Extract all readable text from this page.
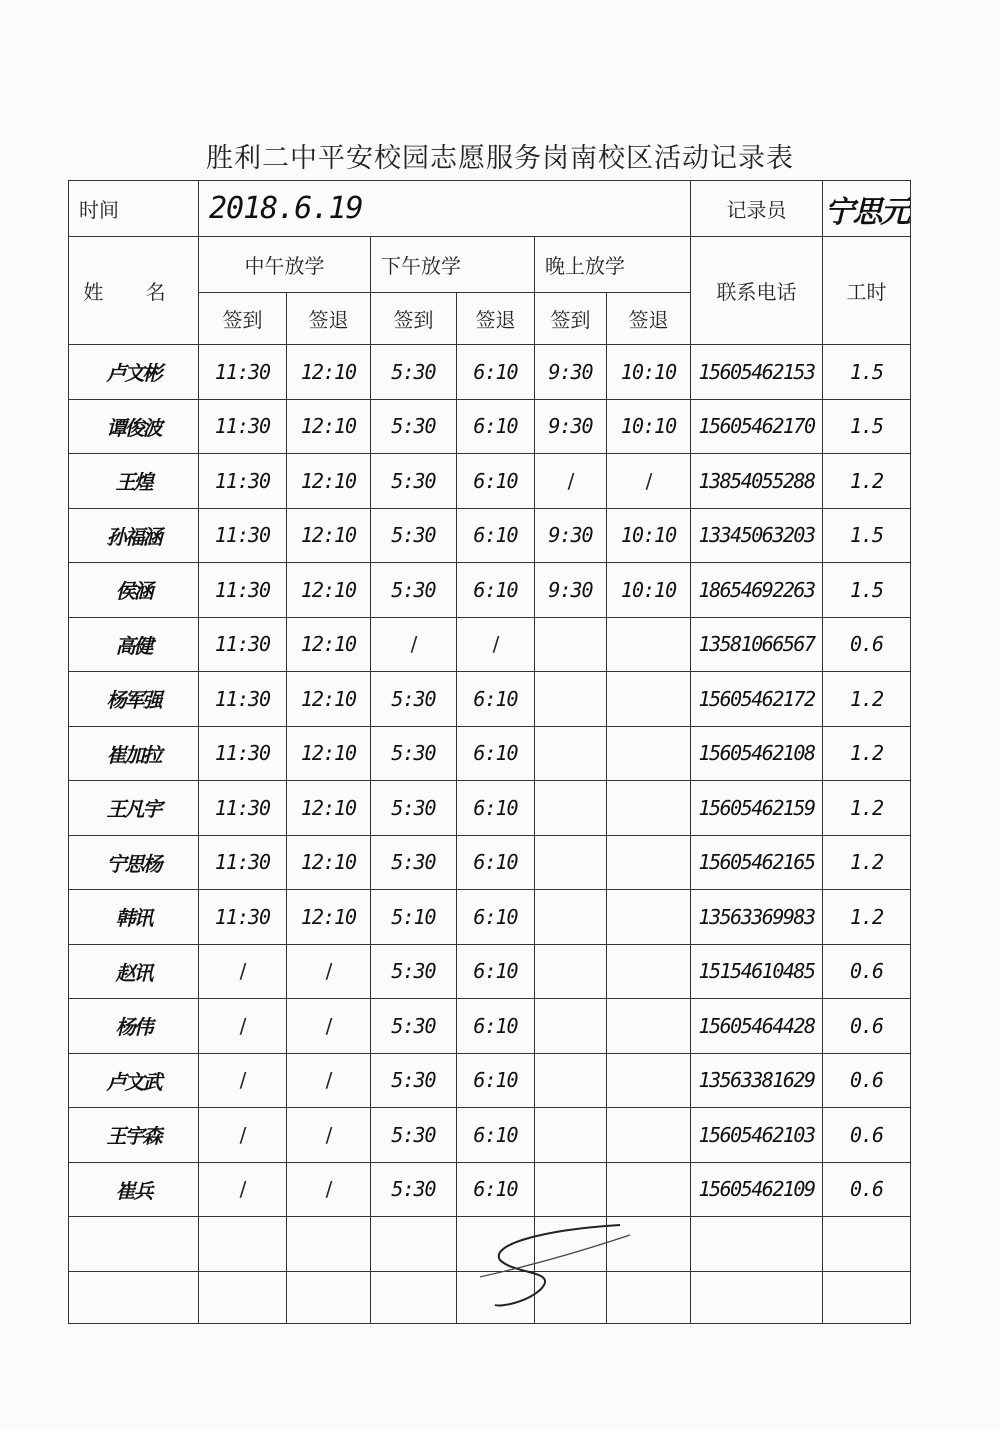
胜利二中平安校园志愿服务岗南校区活动记录表
时间	2018.6.19						记录员	宁思元
姓 名	中午放学		下午放学		晚上放学		联系电话	工时
	签到	签退	签到	签退	签到	签退		
卢文彬	11:30	12:10	5:30	6:10	9:30	10:10	15605462153	1.5
谭俊波	11:30	12:10	5:30	6:10	9:30	10:10	15605462170	1.5
王煌	11:30	12:10	5:30	6:10	/	/	13854055288	1.2
孙福涵	11:30	12:10	5:30	6:10	9:30	10:10	13345063203	1.5
侯涵	11:30	12:10	5:30	6:10	9:30	10:10	18654692263	1.5
高健	11:30	12:10	/	/			13581066567	0.6
杨军强	11:30	12:10	5:30	6:10			15605462172	1.2
崔加拉	11:30	12:10	5:30	6:10			15605462108	1.2
王凡宇	11:30	12:10	5:30	6:10			15605462159	1.2
宁思杨	11:30	12:10	5:30	6:10			15605462165	1.2
韩讯	11:30	12:10	5:10	6:10			13563369983	1.2
赵讯	/	/	5:30	6:10			15154610485	0.6
杨伟	/	/	5:30	6:10			15605464428	0.6
卢文武	/	/	5:30	6:10			13563381629	0.6
王宇森	/	/	5:30	6:10			15605462103	0.6
崔兵	/	/	5:30	6:10			15605462109	0.6
